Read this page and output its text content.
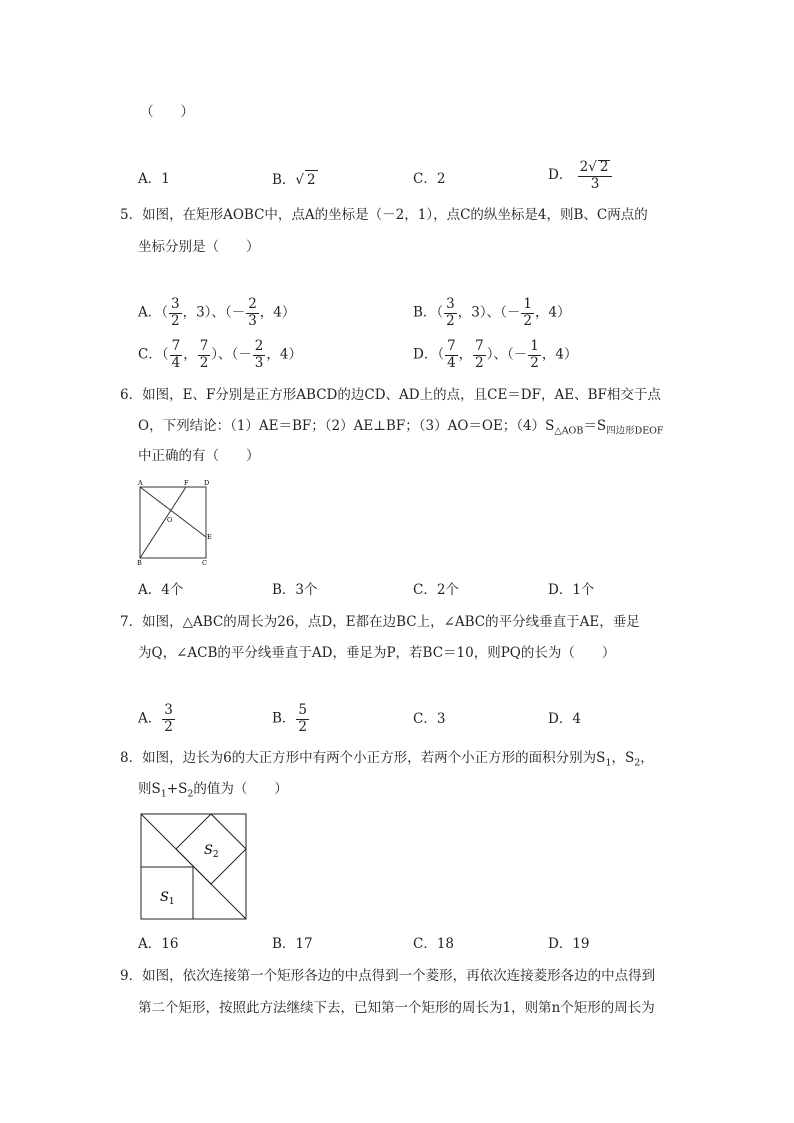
（　　）
A．1	B．√ 2	C．2	D． $\frac{2√ 2}{3}$
5．如图，在矩形AOBC中，点A的坐标是（－2，1），点C的纵坐标是4，则B、C两点的
坐标分别是（　　）
A．（ $\frac{3}{2}$ ，3）、（－ $\frac{2}{3}$ ，4）	B．（ $\frac{3}{2}$ ，3）、（－ $\frac{1}{2}$ ，4）
C．（ $\frac{7}{4}$ ， $\frac{7}{2}$ ）、（－ $\frac{2}{3}$ ，4）	D．（ $\frac{7}{4}$ ， $\frac{7}{2}$ ）、（－ $\frac{1}{2}$ ，4）
6．如图，E、F分别是正方形ABCD的边CD、AD上的点，且CE＝DF，AE、BF相交于点
O，下列结论：（1）AE＝BF；（2）AE⊥BF；（3）AO＝OE；$(4)S_{\triangle AOB}=S_{四边形DEOF}$
中正确的有（　　）
A	F D
O
E
B	C
A．4个	B．3个	C．2个	D．1个
7．如图，△ABC的周长为26，点D，E都在边BC上，∠ABC的平分线垂直于AE，垂足
为Q，∠ACB的平分线垂直于AD，垂足为P，若BC＝10，则PQ的长为（　　）
A． $\frac{3}{2}$	B． $\frac{5}{2}$	C．3	D．4
8．如图，边长为6的大正方形中有两个小正方形，若两个小正方形的面积分别为$S_1$，$S_2$，
则$S_1+S_2$的值为（　　）
$S_1$
$S_2$
A．16	B．17	C．18	D．19
9．如图，依次连接第一个矩形各边的中点得到一个菱形，再依次连接菱形各边的中点得到
第二个矩形，按照此方法继续下去，已知第一个矩形的周长为1，则第n个矩形的周长为
